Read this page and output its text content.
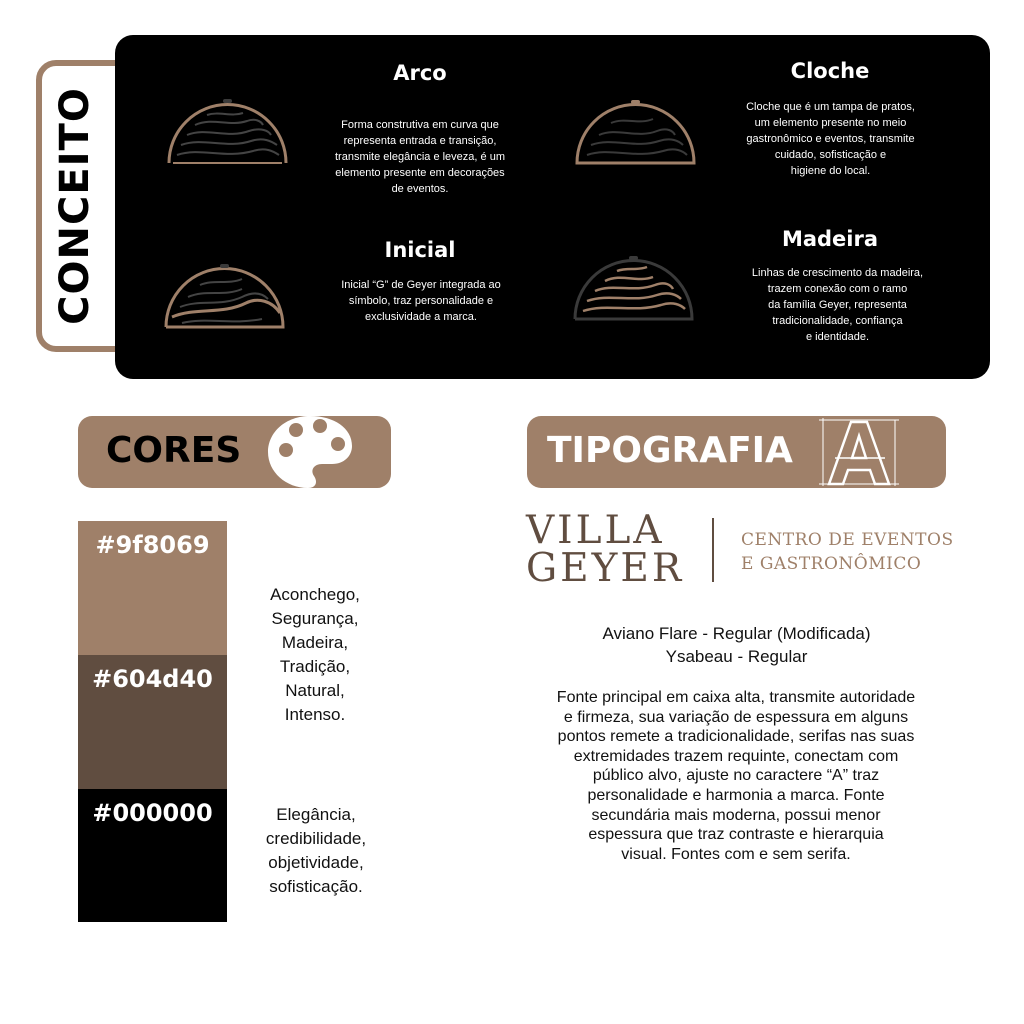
CONCEITO
Arco
Forma construtiva em curva que
representa entrada e transição,
transmite elegância e leveza, é um
elemento presente em decorações
de eventos.
Cloche
Cloche que é um tampa de pratos,
um elemento presente no meio
gastronômico e eventos, transmite
cuidado, sofisticação e
higiene do local.
Inicial
Inicial “G” de Geyer integrada ao
símbolo, traz personalidade e
exclusividade a marca.
Madeira
Linhas de crescimento da madeira,
trazem conexão com o ramo
da família Geyer, representa
tradicionalidade, confiança
e identidade.
CORES
#9f8069
#604d40
#000000
Aconchego,
Segurança,
Madeira,
Tradição,
Natural,
Intenso.
Elegância,
credibilidade,
objetividade,
sofisticação.
TIPOGRAFIA
VILLA
GEYER
CENTRO DE EVENTOS
E GASTRONÔMICO
Aviano Flare - Regular (Modificada)
Ysabeau - Regular
Fonte principal em caixa alta, transmite autoridade
e firmeza, sua variação de espessura em alguns
pontos remete a tradicionalidade, serifas nas suas
extremidades trazem requinte, conectam com
público alvo, ajuste no caractere “A” traz
personalidade e harmonia a marca. Fonte
secundária mais moderna, possui menor
espessura que traz contraste e hierarquia
visual. Fontes com e sem serifa.
